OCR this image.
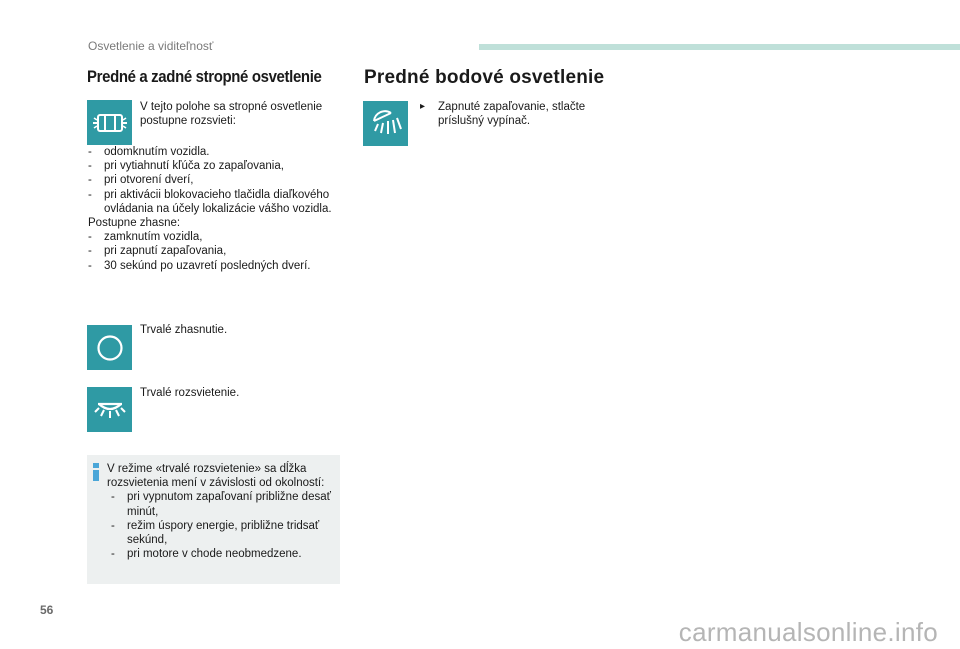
Osvetlenie a viditeľnosť
Predné a zadné stropné osvetlenie
V tejto polohe sa stropné osvetlenie postupne rozsvieti:
- odomknutím vozidla.
- pri vytiahnutí kľúča zo zapaľovania,
- pri otvorení dverí,
- pri aktivácii blokovacieho tlačidla diaľkového ovládania na účely lokalizácie vášho vozidla.
Postupne zhasne:
- zamknutím vozidla,
- pri zapnutí zapaľovania,
- 30 sekúnd po uzavretí posledných dverí.
Trvalé zhasnutie.
Trvalé rozsvietenie.
V režime «trvalé rozsvietenie» sa dĺžka rozsvietenia mení v závislosti od okolností:
- pri vypnutom zapaľovaní približne desať minút,
- režim úspory energie, približne tridsať sekúnd,
- pri motore v chode neobmedzene.
Predné bodové osvetlenie
▸	Zapnuté zapaľovanie, stlačte príslušný vypínač.
56
carmanualsonline.info
